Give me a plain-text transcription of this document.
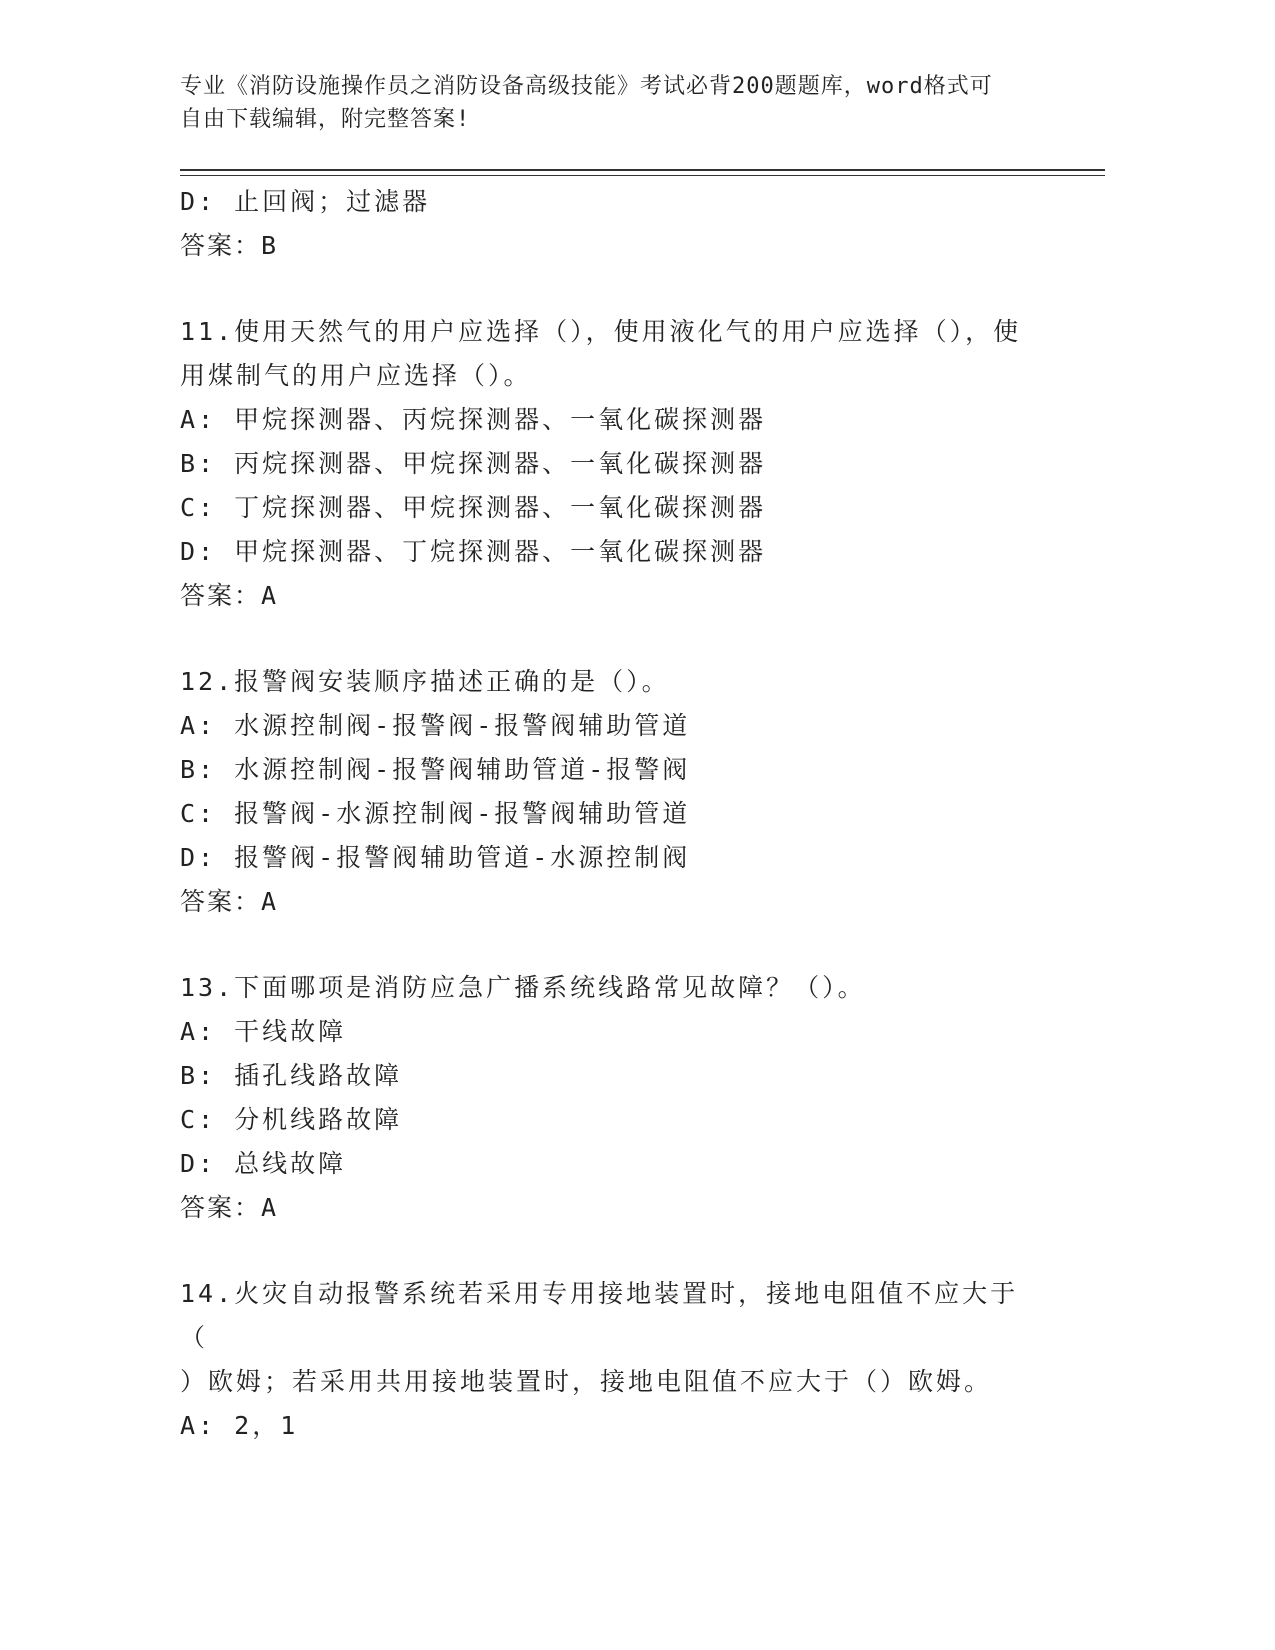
专业《消防设施操作员之消防设备高级技能》考试必背200题题库，word格式可
自由下载编辑，附完整答案!
D: 止回阀；过滤器
答案：B
11.使用天然气的用户应选择（），使用液化气的用户应选择（），使
用煤制气的用户应选择（）。
A: 甲烷探测器、丙烷探测器、一氧化碳探测器
B: 丙烷探测器、甲烷探测器、一氧化碳探测器
C: 丁烷探测器、甲烷探测器、一氧化碳探测器
D: 甲烷探测器、丁烷探测器、一氧化碳探测器
答案：A
12.报警阀安装顺序描述正确的是（）。
A: 水源控制阀-报警阀-报警阀辅助管道
B: 水源控制阀-报警阀辅助管道-报警阀
C: 报警阀-水源控制阀-报警阀辅助管道
D: 报警阀-报警阀辅助管道-水源控制阀
答案：A
13.下面哪项是消防应急广播系统线路常见故障？（）。
A: 干线故障
B: 插孔线路故障
C: 分机线路故障
D: 总线故障
答案：A
14.火灾自动报警系统若采用专用接地装置时，接地电阻值不应大于（
）欧姆；若采用共用接地装置时，接地电阻值不应大于（）欧姆。
A: 2，1
